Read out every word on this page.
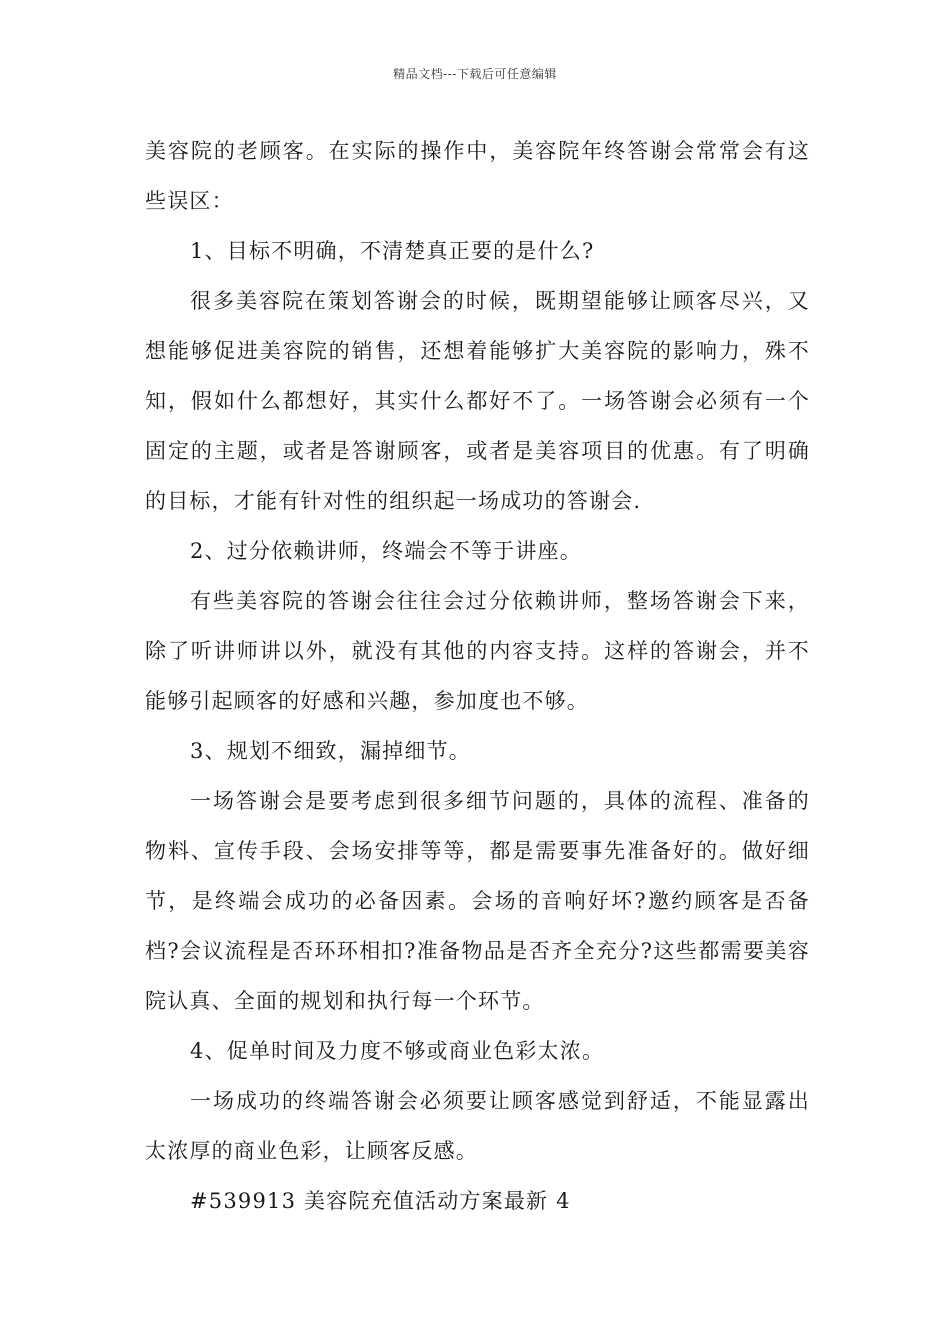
精品文档---下载后可任意编辑

美容院的老顾客。在实际的操作中，美容院年终答谢会常常会有这些误区：

1、目标不明确，不清楚真正要的是什么?

很多美容院在策划答谢会的时候，既期望能够让顾客尽兴，又想能够促进美容院的销售，还想着能够扩大美容院的影响力，殊不知，假如什么都想好，其实什么都好不了。一场答谢会必须有一个固定的主题，或者是答谢顾客，或者是美容项目的优惠。有了明确的目标，才能有针对性的组织起一场成功的答谢会.

2、过分依赖讲师，终端会不等于讲座。

有些美容院的答谢会往往会过分依赖讲师，整场答谢会下来，除了听讲师讲以外，就没有其他的内容支持。这样的答谢会，并不能够引起顾客的好感和兴趣，参加度也不够。

3、规划不细致，漏掉细节。

一场答谢会是要考虑到很多细节问题的，具体的流程、准备的物料、宣传手段、会场安排等等，都是需要事先准备好的。做好细节，是终端会成功的必备因素。会场的音响好坏?邀约顾客是否备档?会议流程是否环环相扣?准备物品是否齐全充分?这些都需要美容院认真、全面的规划和执行每一个环节。

4、促单时间及力度不够或商业色彩太浓。

一场成功的终端答谢会必须要让顾客感觉到舒适，不能显露出太浓厚的商业色彩，让顾客反感。

#539913 美容院充值活动方案最新 4
